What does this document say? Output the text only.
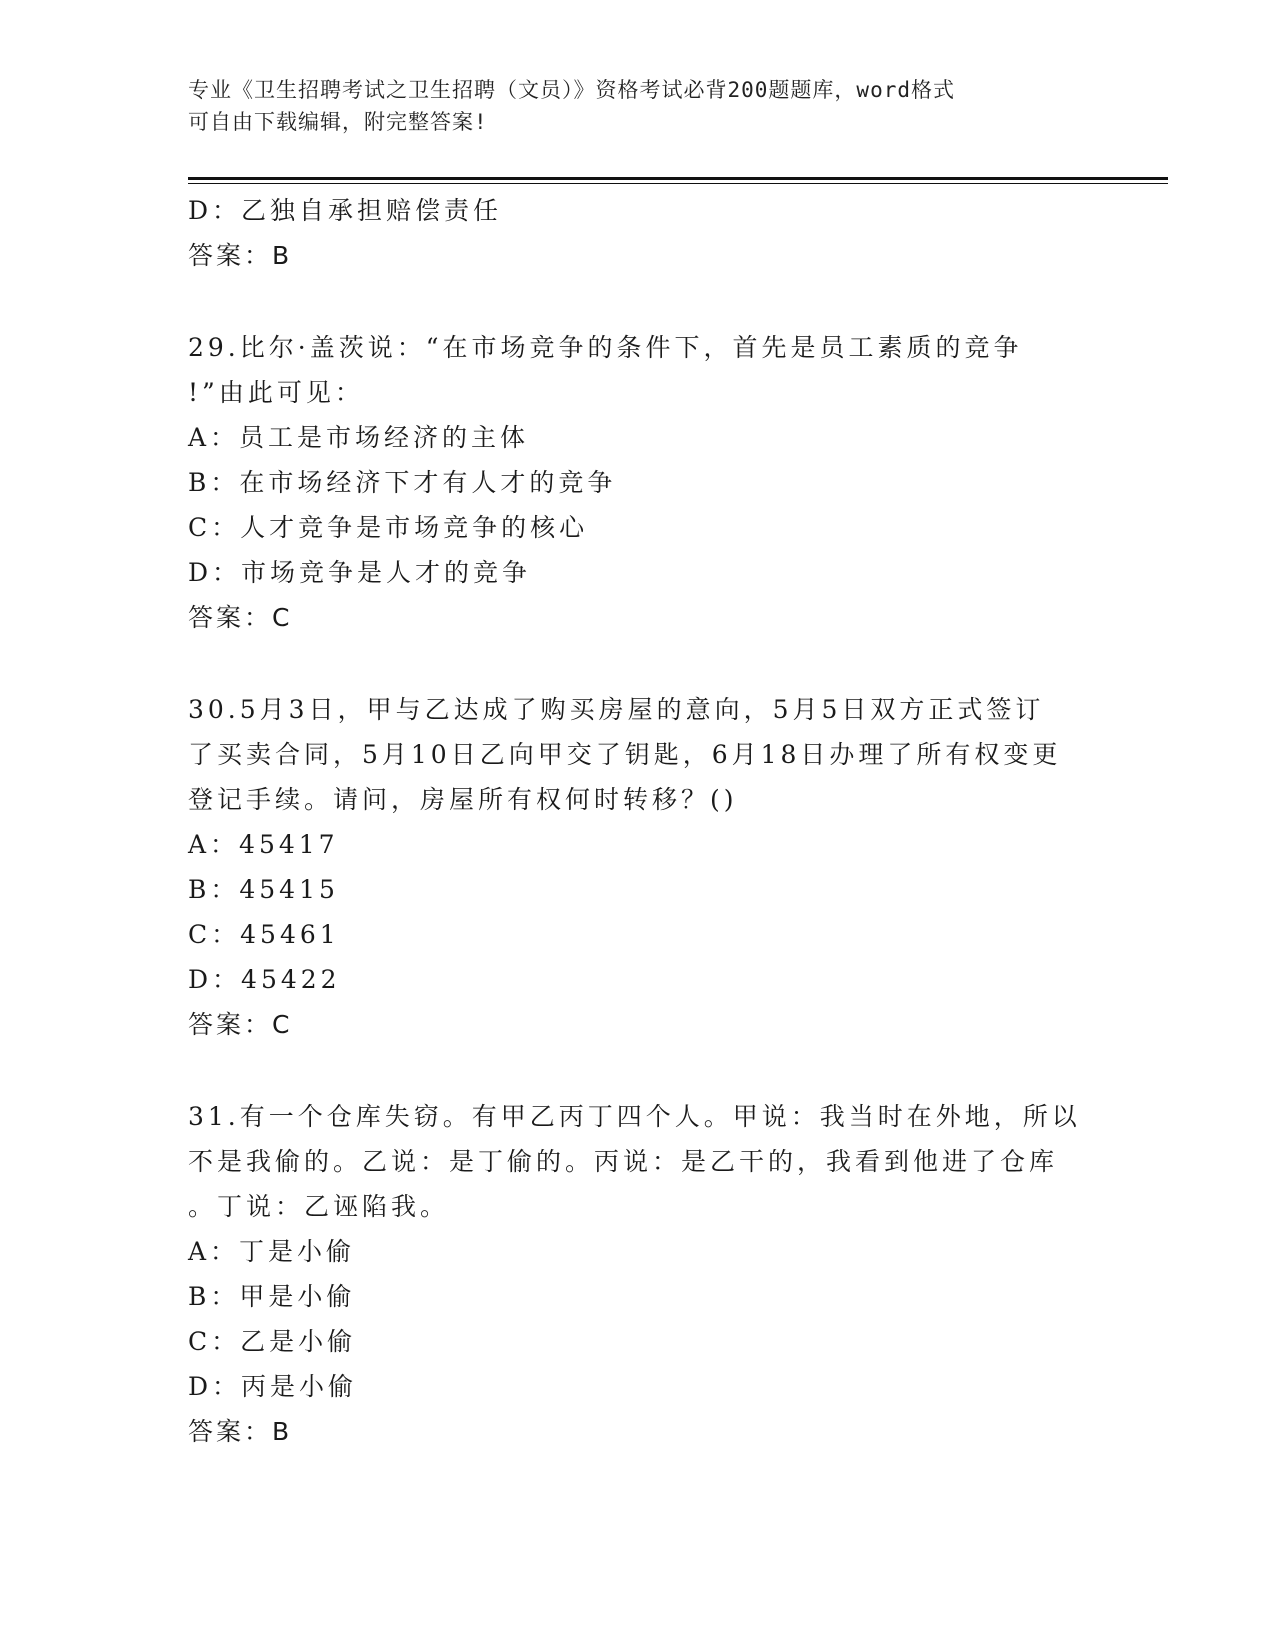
专业《卫生招聘考试之卫生招聘（文员）》资格考试必背200题题库，word格式
可自由下载编辑，附完整答案!
D：乙独自承担赔偿责任
答案：B
29.比尔·盖茨说：“在市场竞争的条件下，首先是员工素质的竞争
!”由此可见：
A：员工是市场经济的主体
B：在市场经济下才有人才的竞争
C：人才竞争是市场竞争的核心
D：市场竞争是人才的竞争
答案：C
30.5月3日，甲与乙达成了购买房屋的意向，5月5日双方正式签订
了买卖合同，5月10日乙向甲交了钥匙，6月18日办理了所有权变更
登记手续。请问，房屋所有权何时转移？()
A：45417
B：45415
C：45461
D：45422
答案：C
31.有一个仓库失窃。有甲乙丙丁四个人。甲说：我当时在外地，所以
不是我偷的。乙说：是丁偷的。丙说：是乙干的，我看到他进了仓库
。丁说：乙诬陷我。
A：丁是小偷
B：甲是小偷
C：乙是小偷
D：丙是小偷
答案：B
